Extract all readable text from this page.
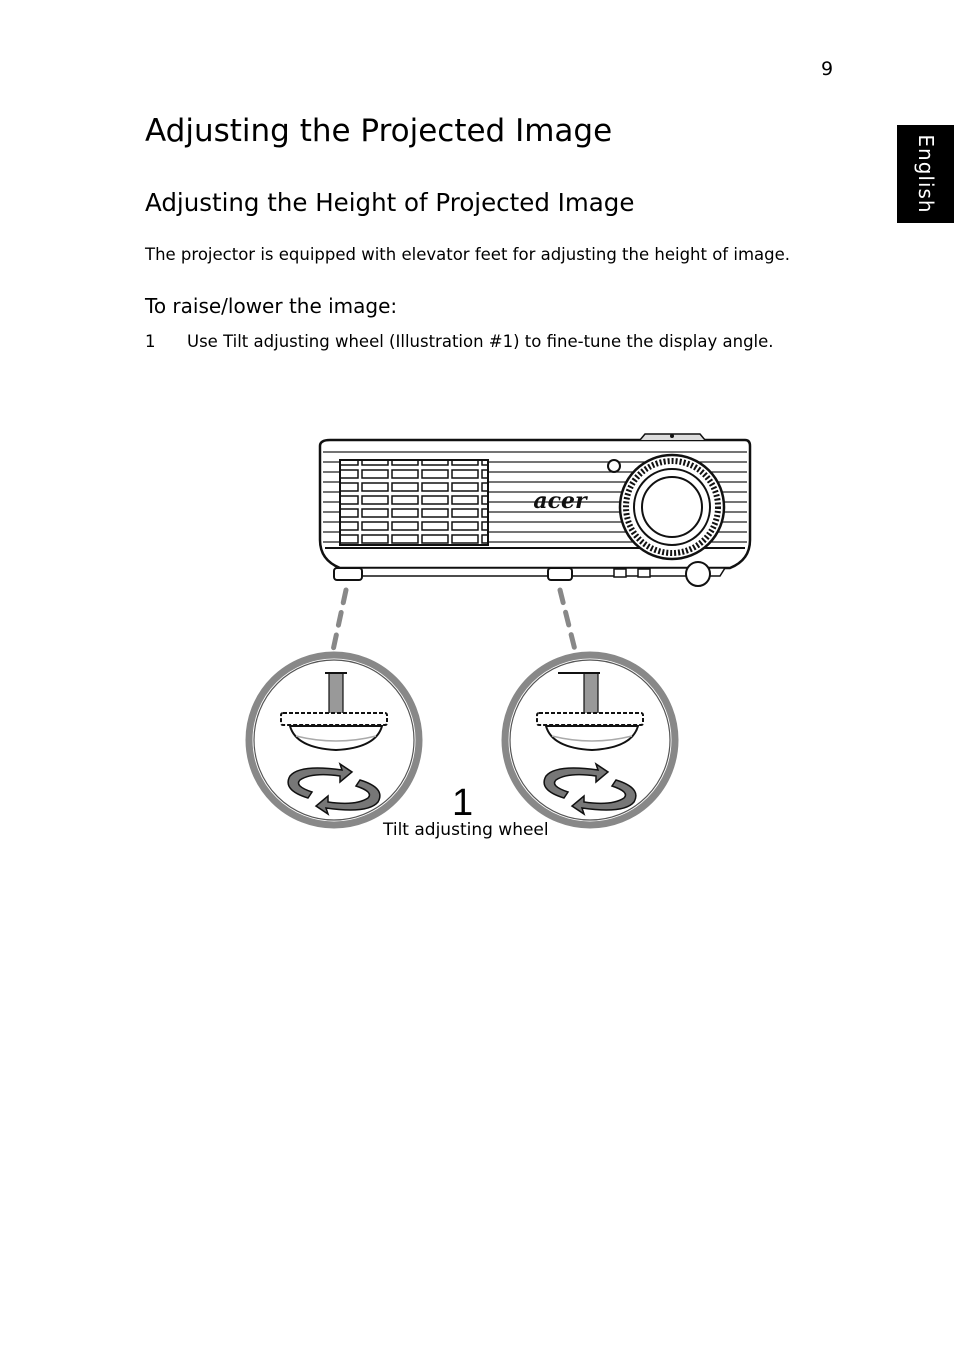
9
English
Adjusting the Projected Image
Adjusting the Height of Projected Image

The projector is equipped with elevator feet for adjusting the height of image.

To raise/lower the image:
1 Use Tilt adjusting wheel (Illustration #1) to fine-tune the display angle.
acer
1
Tilt adjusting wheel
